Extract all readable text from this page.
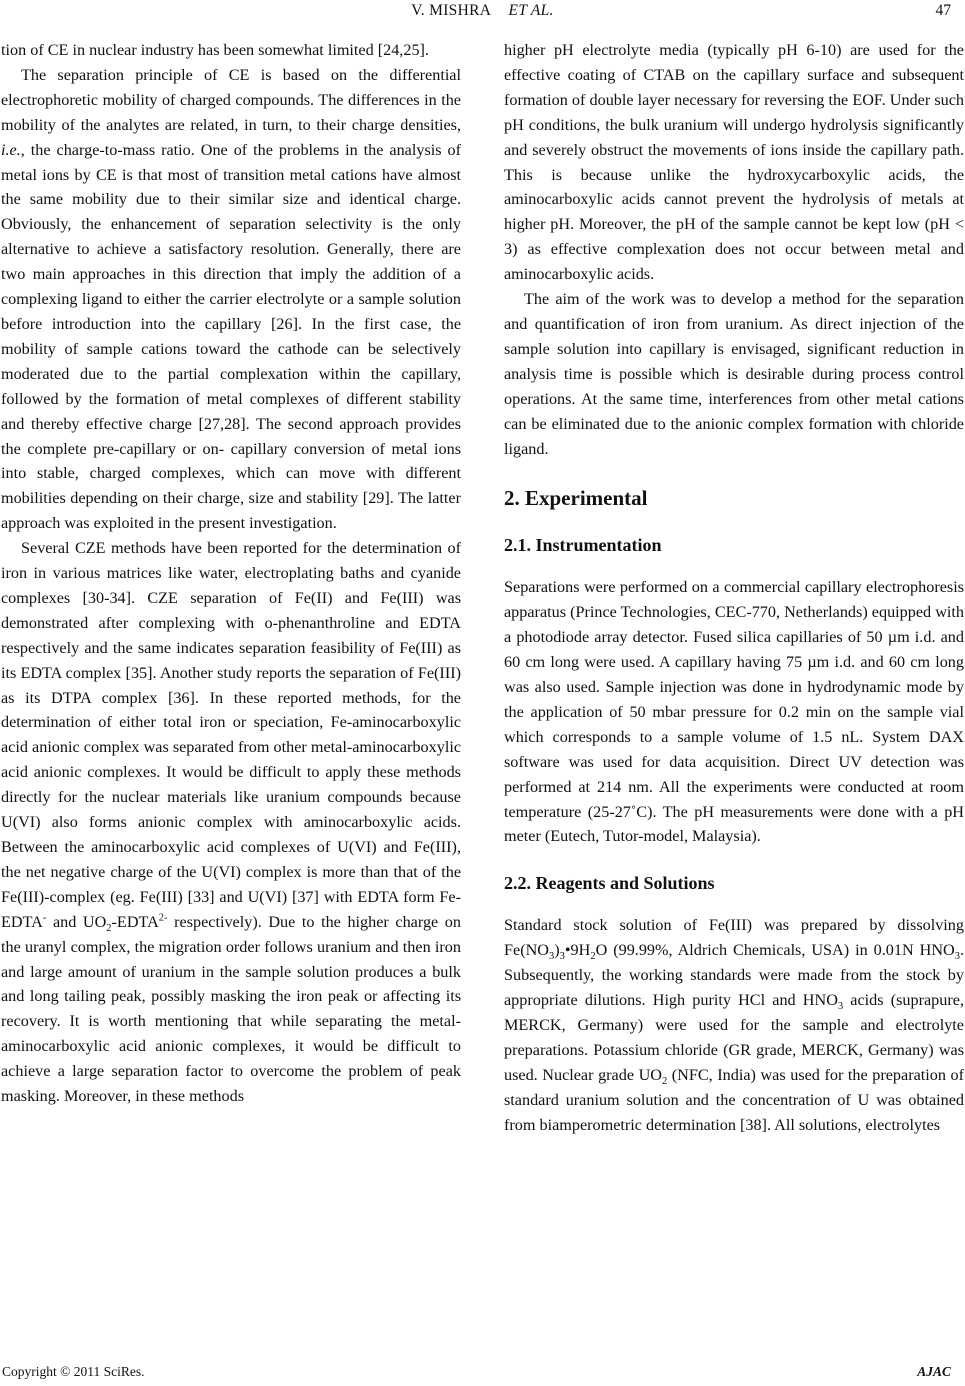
V. MISHRA ET AL.	47

tion of CE in nuclear industry has been somewhat limited [24,25].

The separation principle of CE is based on the differential electrophoretic mobility of charged compounds. The differences in the mobility of the analytes are related, in turn, to their charge densities, i.e., the charge-to-mass ratio. One of the problems in the analysis of metal ions by CE is that most of transition metal cations have almost the same mobility due to their similar size and identical charge. Obviously, the enhancement of separation selectivity is the only alternative to achieve a satisfactory resolution. Generally, there are two main approaches in this direction that imply the addition of a complexing ligand to either the carrier electrolyte or a sample solution before introduction into the capillary [26]. In the first case, the mobility of sample cations toward the cathode can be selectively moderated due to the partial complexation within the capillary, followed by the formation of metal complexes of different stability and thereby effective charge [27,28]. The second approach provides the complete pre-capillary or on- capillary conversion of metal ions into stable, charged complexes, which can move with different mobilities depending on their charge, size and stability [29]. The latter approach was exploited in the present investigation.

Several CZE methods have been reported for the determination of iron in various matrices like water, electroplating baths and cyanide complexes [30-34]. CZE separation of Fe(II) and Fe(III) was demonstrated after complexing with o-phenanthroline and EDTA respectively and the same indicates separation feasibility of Fe(III) as its EDTA complex [35]. Another study reports the separation of Fe(III) as its DTPA complex [36]. In these reported methods, for the determination of either total iron or speciation, Fe-aminocarboxylic acid anionic complex was separated from other metal-aminocarboxylic acid anionic complexes. It would be difficult to apply these methods directly for the nuclear materials like uranium compounds because U(VI) also forms anionic complex with aminocarboxylic acids. Between the aminocarboxylic acid complexes of U(VI) and Fe(III), the net negative charge of the U(VI) complex is more than that of the Fe(III)-complex (eg. Fe(III) [33] and U(VI) [37] with EDTA form Fe-EDTA- and $UO_2-EDTA^{2-}$ respectively). Due to the higher charge on the uranyl complex, the migration order follows uranium and then iron and large amount of uranium in the sample solution produces a bulk and long tailing peak, possibly masking the iron peak or affecting its recovery. It is worth mentioning that while separating the metal-aminocarboxylic acid anionic complexes, it would be difficult to achieve a large separation factor to overcome the problem of peak masking. Moreover, in these methods

higher pH electrolyte media (typically pH 6-10) are used for the effective coating of CTAB on the capillary surface and subsequent formation of double layer necessary for reversing the EOF. Under such pH conditions, the bulk uranium will undergo hydrolysis significantly and severely obstruct the movements of ions inside the capillary path. This is because unlike the hydroxycarboxylic acids, the aminocarboxylic acids cannot prevent the hydrolysis of metals at higher pH. Moreover, the pH of the sample cannot be kept low (pH < 3) as effective complexation does not occur between metal and aminocarboxylic acids.

The aim of the work was to develop a method for the separation and quantification of iron from uranium. As direct injection of the sample solution into capillary is envisaged, significant reduction in analysis time is possible which is desirable during process control operations. At the same time, interferences from other metal cations can be eliminated due to the anionic complex formation with chloride ligand.

2. Experimental
2.1. Instrumentation

Separations were performed on a commercial capillary electrophoresis apparatus (Prince Technologies, CEC-770, Netherlands) equipped with a photodiode array detector. Fused silica capillaries of 50 µm i.d. and 60 cm long were used. A capillary having 75 µm i.d. and 60 cm long was also used. Sample injection was done in hydrodynamic mode by the application of 50 mbar pressure for 0.2 min on the sample vial which corresponds to a sample volume of 1.5 nL. System DAX software was used for data acquisition. Direct UV detection was performed at 214 nm. All the experiments were conducted at room temperature (25-27˚C). The pH measurements were done with a pH meter (Eutech, Tutor-model, Malaysia).

2.2. Reagents and Solutions

Standard stock solution of Fe(III) was prepared by dissolving $Fe(NO_3)_3•9H_2O$ (99.99%, Aldrich Chemicals, USA) in 0.01N $HNO_3$. Subsequently, the working standards were made from the stock by appropriate dilutions. High purity HCl and $HNO_3$ acids (suprapure, MERCK, Germany) were used for the sample and electrolyte preparations. Potassium chloride (GR grade, MERCK, Germany) was used. Nuclear grade $UO_2$ (NFC, India) was used for the preparation of standard uranium solution and the concentration of U was obtained from biamperometric determination [38]. All solutions, electrolytes

Copyright © 2011 SciRes.	AJAC
